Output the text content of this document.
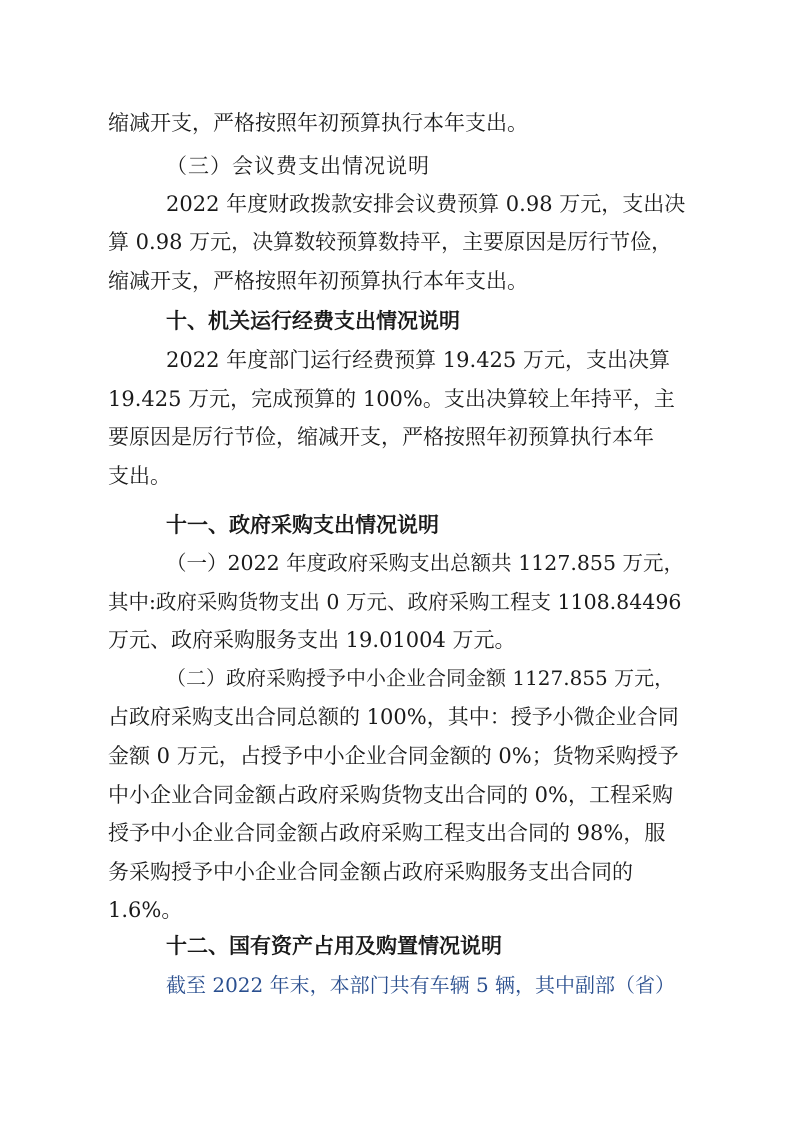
缩减开支，严格按照年初预算执行本年支出。

（三）会议费支出情况说明

2022 年度财政拨款安排会议费预算 0.98 万元，支出决

算 0.98 万元，决算数较预算数持平，主要原因是厉行节俭，

缩减开支，严格按照年初预算执行本年支出。

十、机关运行经费支出情况说明

2022 年度部门运行经费预算 19.425 万元，支出决算

19.425 万元，完成预算的 100%。支出决算较上年持平，主

要原因是厉行节俭，缩减开支，严格按照年初预算执行本年

支出。

十一、政府采购支出情况说明

（一）2022 年度政府采购支出总额共 1127.855 万元，

其中:政府采购货物支出 0 万元、政府采购工程支 1108.84496

万元、政府采购服务支出 19.01004 万元。

（二）政府采购授予中小企业合同金额 1127.855 万元，

占政府采购支出合同总额的 100%，其中：授予小微企业合同

金额 0 万元，占授予中小企业合同金额的 0%；货物采购授予

中小企业合同金额占政府采购货物支出合同的 0%，工程采购

授予中小企业合同金额占政府采购工程支出合同的 98%，服

务采购授予中小企业合同金额占政府采购服务支出合同的

1.6%。

十二、国有资产占用及购置情况说明

截至 2022 年末，本部门共有车辆 5 辆，其中副部（省）
